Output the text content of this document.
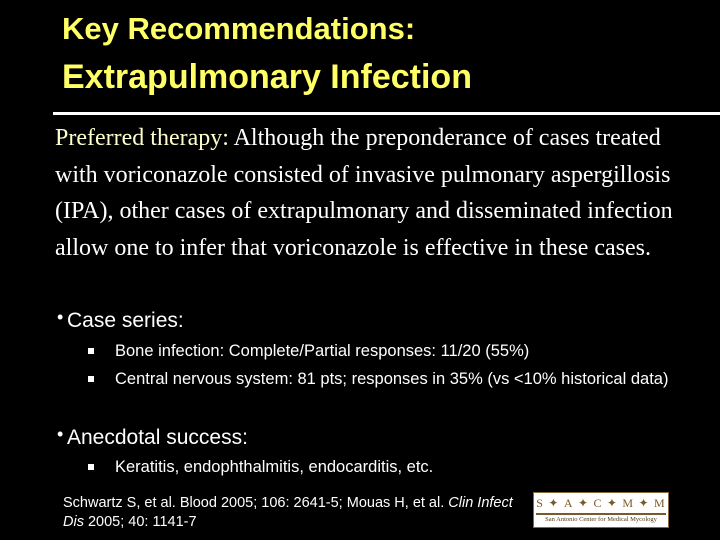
Key Recommendations:
Extrapulmonary Infection
Preferred therapy: Although the preponderance of cases treated with voriconazole consisted of invasive pulmonary aspergillosis (IPA), other cases of extrapulmonary and disseminated infection allow one to infer that voriconazole is effective in these cases.
• Case series:
Bone infection: Complete/Partial responses: 11/20 (55%)
Central nervous system: 81 pts; responses in 35% (vs <10% historical data)
• Anecdotal success:
Keratitis, endophthalmitis, endocarditis, etc.
Schwartz S, et al. Blood 2005; 106: 2641-5; Mouas H, et al. Clin Infect Dis 2005; 40: 1141-7
S ✦ A ✦ C ✦ M ✦ M
San Antonio Center for Medical Mycology
